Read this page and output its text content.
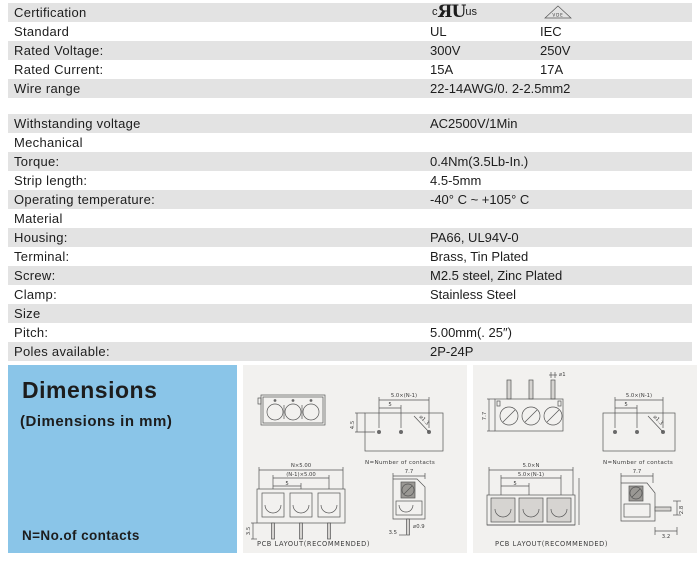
Certification	c ЯU us	VDE
Standard	UL	IEC
Rated Voltage:	300V	250V
Rated Current:	15A	17A
Wire range	22-14AWG/0. 2-2.5mm2
Withstanding voltage	AC2500V/1Min
Mechanical
Torque:	0.4Nm(3.5Lb-In.)
Strip length:	4.5-5mm
Operating temperature:	-40° C ~ +105° C
Material
Housing:	PA66, UL94V-0
Terminal:	Brass, Tin Plated
Screw:	M2.5 steel, Zinc Plated
Clamp:	Stainless Steel
Size
Pitch:	5.00mm(. 25″)
Poles available:	2P-24P
Dimensions
(Dimensions in mm)
N=No.of contacts
5.0×(N-1)
5
4.5	⌀1.3
N=Number of contacts
N×5.00
(N-1)×5.00
5
3.5
7.7
⌀0.9
3.5
PCB LAYOUT(RECOMMENDED)
⌀1
7.7
5.0×(N-1)
5
⌀1.3
N=Number of contacts
5.0×N
5.0×(N-1)
5
7.7
2.8
3.2
PCB LAYOUT(RECOMMENDED)
